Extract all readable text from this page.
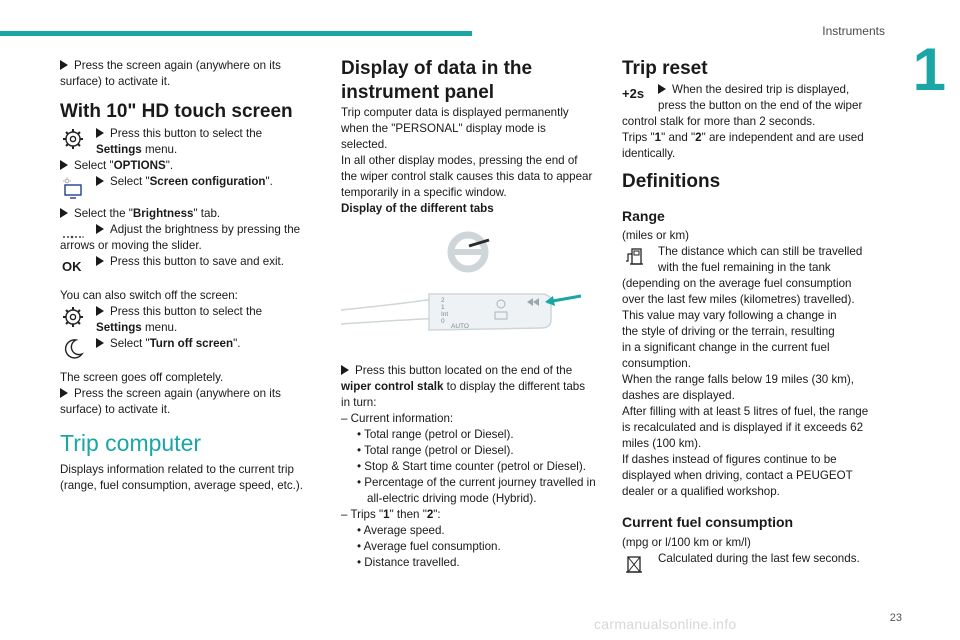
Instruments
1
23
carmanualsonline.info

Press the screen again (anywhere on its

surface) to activate it.

With 10" HD touch screen

Press this button to select the

Settings menu.

Select "OPTIONS".

Select "Screen configuration".

Select the "Brightness" tab.

Adjust the brightness by pressing the

arrows or moving the slider.

OK	Press this button to save and exit.

You can also switch off the screen:

Press this button to select the

Settings menu.

Select "Turn off screen".

The screen goes off completely.

Press the screen again (anywhere on its

surface) to activate it.

Trip computer

Displays information related to the current trip

(range, fuel consumption, average speed, etc.).

Display of data in the
instrument panel

Trip computer data is displayed permanently

when the "PERSONAL" display mode is

selected.

In all other display modes, pressing the end of

the wiper control stalk causes this data to appear

temporarily in a specific window.

Display of the different tabs

2
1
Int
0
AUTO

Press this button located on the end of the

wiper control stalk to display the different tabs

in turn:

– Current information:

• Total range (petrol or Diesel).

• Total range (petrol or Diesel).

• Stop & Start time counter (petrol or Diesel).

• Percentage of the current journey travelled in

all-electric driving mode (Hybrid).

– Trips "1" then "2":

• Average speed.

• Average fuel consumption.

• Distance travelled.

Trip reset
+2s	When the desired trip is displayed,

press the button on the end of the wiper

control stalk for more than 2 seconds.

Trips "1" and "2" are independent and are used

identically.

Definitions
Range

(miles or km)

The distance which can still be travelled

with the fuel remaining in the tank

(depending on the average fuel consumption

over the last few miles (kilometres) travelled).

This value may vary following a change in

the style of driving or the terrain, resulting

in a significant change in the current fuel

consumption.

When the range falls below 19 miles (30 km),

dashes are displayed.

After filling with at least 5 litres of fuel, the range

is recalculated and is displayed if it exceeds 62

miles (100 km).

If dashes instead of figures continue to be

displayed when driving, contact a PEUGEOT

dealer or a qualified workshop.

Current fuel consumption

(mpg or l/100 km or km/l)

Calculated during the last few seconds.
